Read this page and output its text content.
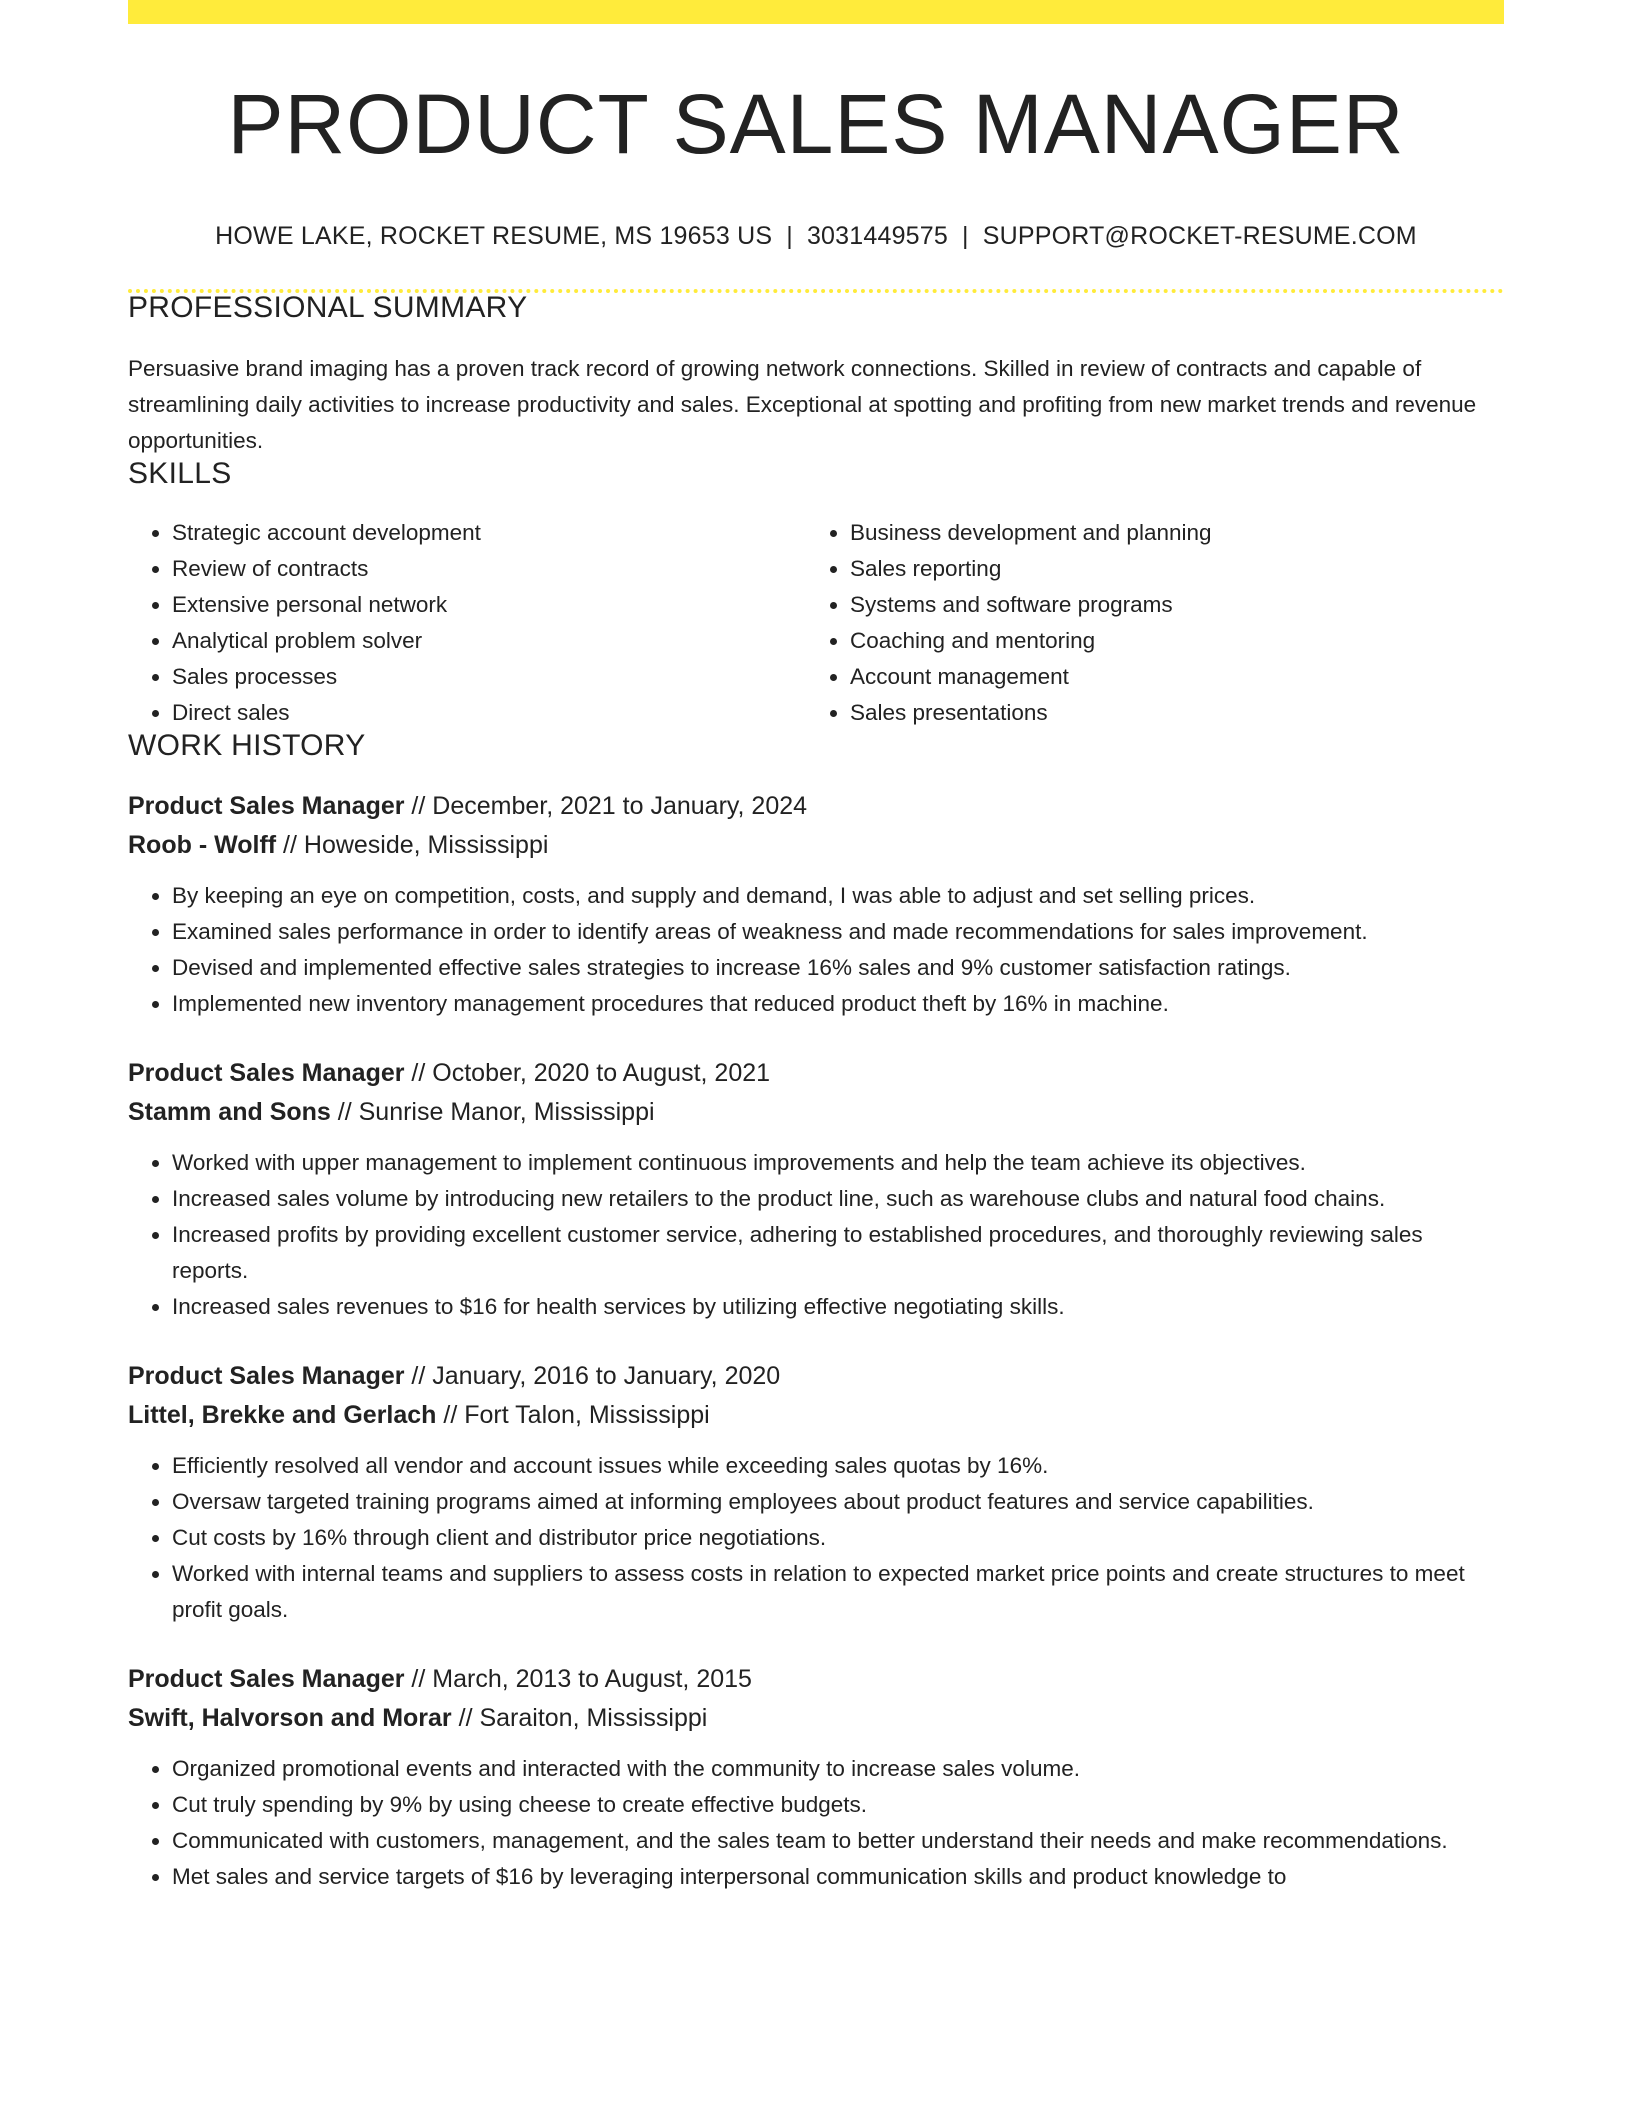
PRODUCT SALES MANAGER
HOWE LAKE, ROCKET RESUME, MS 19653 US | 3031449575 | SUPPORT@ROCKET-RESUME.COM
PROFESSIONAL SUMMARY
Persuasive brand imaging has a proven track record of growing network connections. Skilled in review of contracts and capable of streamlining daily activities to increase productivity and sales. Exceptional at spotting and profiting from new market trends and revenue opportunities.
SKILLS
• Strategic account development
• Review of contracts
• Extensive personal network
• Analytical problem solver
• Sales processes
• Direct sales
• Business development and planning
• Sales reporting
• Systems and software programs
• Coaching and mentoring
• Account management
• Sales presentations
WORK HISTORY
Product Sales Manager // December, 2021 to January, 2024
Roob - Wolff // Howeside, Mississippi
• By keeping an eye on competition, costs, and supply and demand, I was able to adjust and set selling prices.
• Examined sales performance in order to identify areas of weakness and made recommendations for sales improvement.
• Devised and implemented effective sales strategies to increase 16% sales and 9% customer satisfaction ratings.
• Implemented new inventory management procedures that reduced product theft by 16% in machine.
Product Sales Manager // October, 2020 to August, 2021
Stamm and Sons // Sunrise Manor, Mississippi
• Worked with upper management to implement continuous improvements and help the team achieve its objectives.
• Increased sales volume by introducing new retailers to the product line, such as warehouse clubs and natural food chains.
• Increased profits by providing excellent customer service, adhering to established procedures, and thoroughly reviewing sales reports.
• Increased sales revenues to $16 for health services by utilizing effective negotiating skills.
Product Sales Manager // January, 2016 to January, 2020
Littel, Brekke and Gerlach // Fort Talon, Mississippi
• Efficiently resolved all vendor and account issues while exceeding sales quotas by 16%.
• Oversaw targeted training programs aimed at informing employees about product features and service capabilities.
• Cut costs by 16% through client and distributor price negotiations.
• Worked with internal teams and suppliers to assess costs in relation to expected market price points and create structures to meet profit goals.
Product Sales Manager // March, 2013 to August, 2015
Swift, Halvorson and Morar // Saraiton, Mississippi
• Organized promotional events and interacted with the community to increase sales volume.
• Cut truly spending by 9% by using cheese to create effective budgets.
• Communicated with customers, management, and the sales team to better understand their needs and make recommendations.
• Met sales and service targets of $16 by leveraging interpersonal communication skills and product knowledge to
